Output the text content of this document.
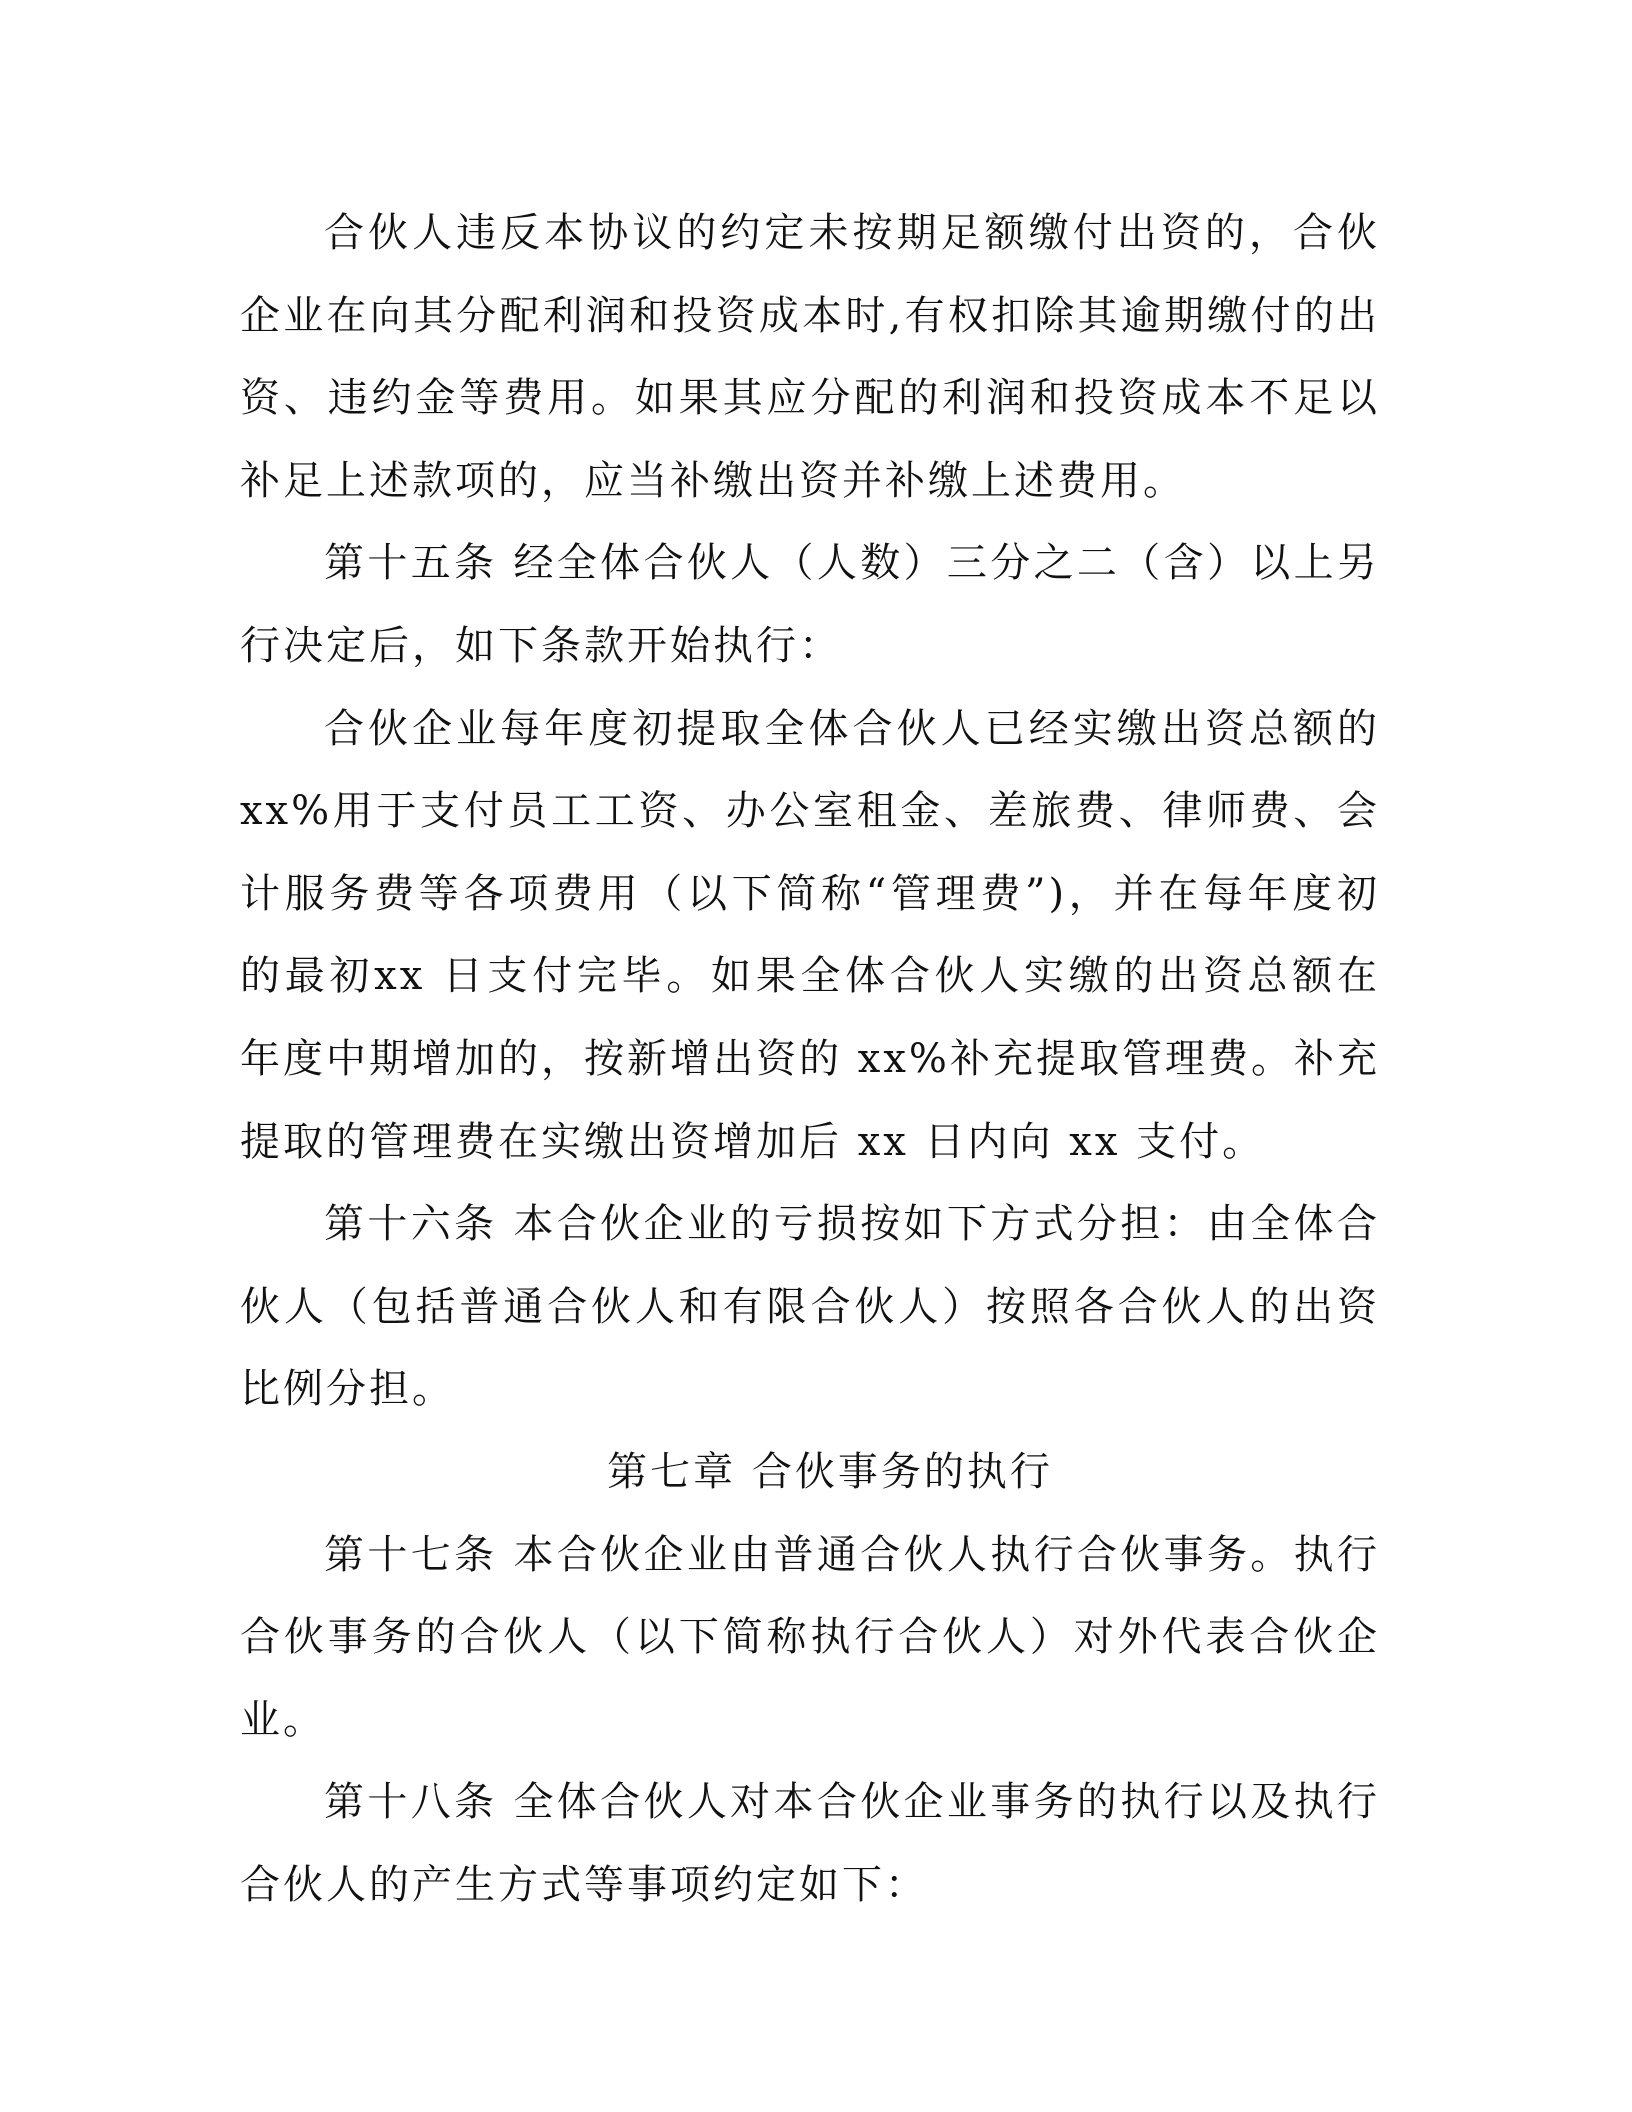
合伙人违反本协议的约定未按期足额缴付出资的，合伙企业在向其分配利润和投资成本时,有权扣除其逾期缴付的出资、违约金等费用。如果其应分配的利润和投资成本不足以补足上述款项的，应当补缴出资并补缴上述费用。

第十五条 经全体合伙人（人数）三分之二（含）以上另行决定后，如下条款开始执行：

合伙企业每年度初提取全体合伙人已经实缴出资总额的xx%用于支付员工工资、办公室租金、差旅费、律师费、会计服务费等各项费用（以下简称“管理费”)，并在每年度初的最初xx 日支付完毕。如果全体合伙人实缴的出资总额在年度中期增加的，按新增出资的 xx%补充提取管理费。补充提取的管理费在实缴出资增加后 xx 日内向 xx 支付。

第十六条 本合伙企业的亏损按如下方式分担：由全体合伙人（包括普通合伙人和有限合伙人）按照各合伙人的出资比例分担。

第七章 合伙事务的执行

第十七条 本合伙企业由普通合伙人执行合伙事务。执行合伙事务的合伙人（以下简称执行合伙人）对外代表合伙企业。

第十八条 全体合伙人对本合伙企业事务的执行以及执行合伙人的产生方式等事项约定如下：
